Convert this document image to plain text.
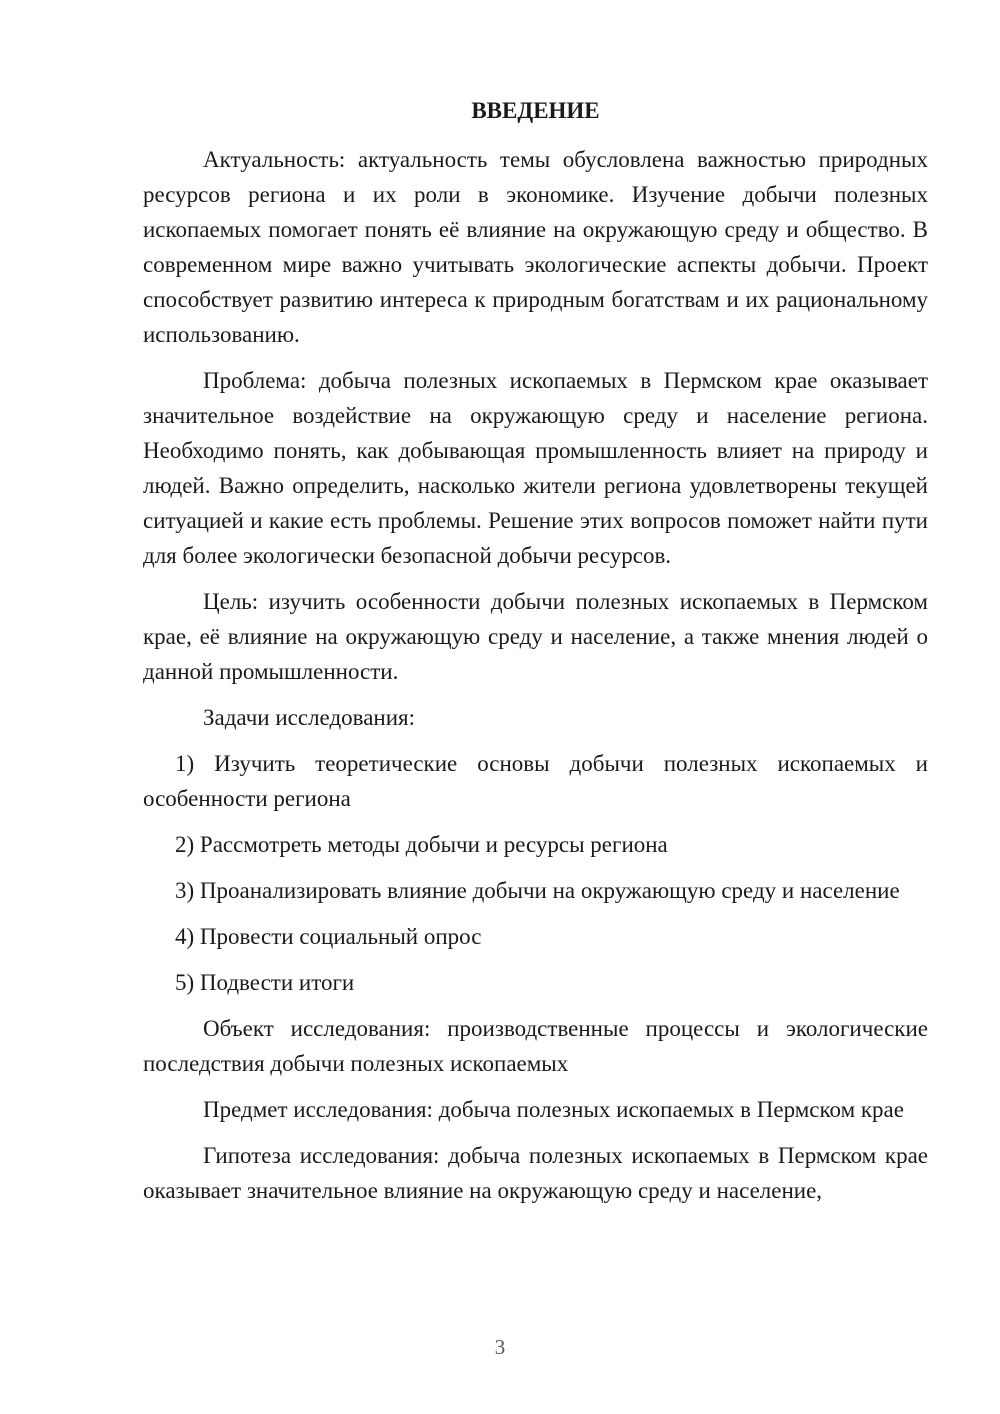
ВВЕДЕНИЕ

Актуальность: актуальность темы обусловлена важностью природных ресурсов региона и их роли в экономике. Изучение добычи полезных ископаемых помогает понять её влияние на окружающую среду и общество. В современном мире важно учитывать экологические аспекты добычи. Проект способствует развитию интереса к природным богатствам и их рациональному использованию.

Проблема: добыча полезных ископаемых в Пермском крае оказывает значительное воздействие на окружающую среду и население региона. Необходимо понять, как добывающая промышленность влияет на природу и людей. Важно определить, насколько жители региона удовлетворены текущей ситуацией и какие есть проблемы. Решение этих вопросов поможет найти пути для более экологически безопасной добычи ресурсов.

Цель: изучить особенности добычи полезных ископаемых в Пермском крае, её влияние на окружающую среду и население, а также мнения людей о данной промышленности.

Задачи исследования:

1) Изучить теоретические основы добычи полезных ископаемых и особенности региона

2) Рассмотреть методы добычи и ресурсы региона

3) Проанализировать влияние добычи на окружающую среду и население

4) Провести социальный опрос

5) Подвести итоги

Объект исследования: производственные процессы и экологические последствия добычи полезных ископаемых

Предмет исследования: добыча полезных ископаемых в Пермском крае

Гипотеза исследования: добыча полезных ископаемых в Пермском крае оказывает значительное влияние на окружающую среду и население,

3
